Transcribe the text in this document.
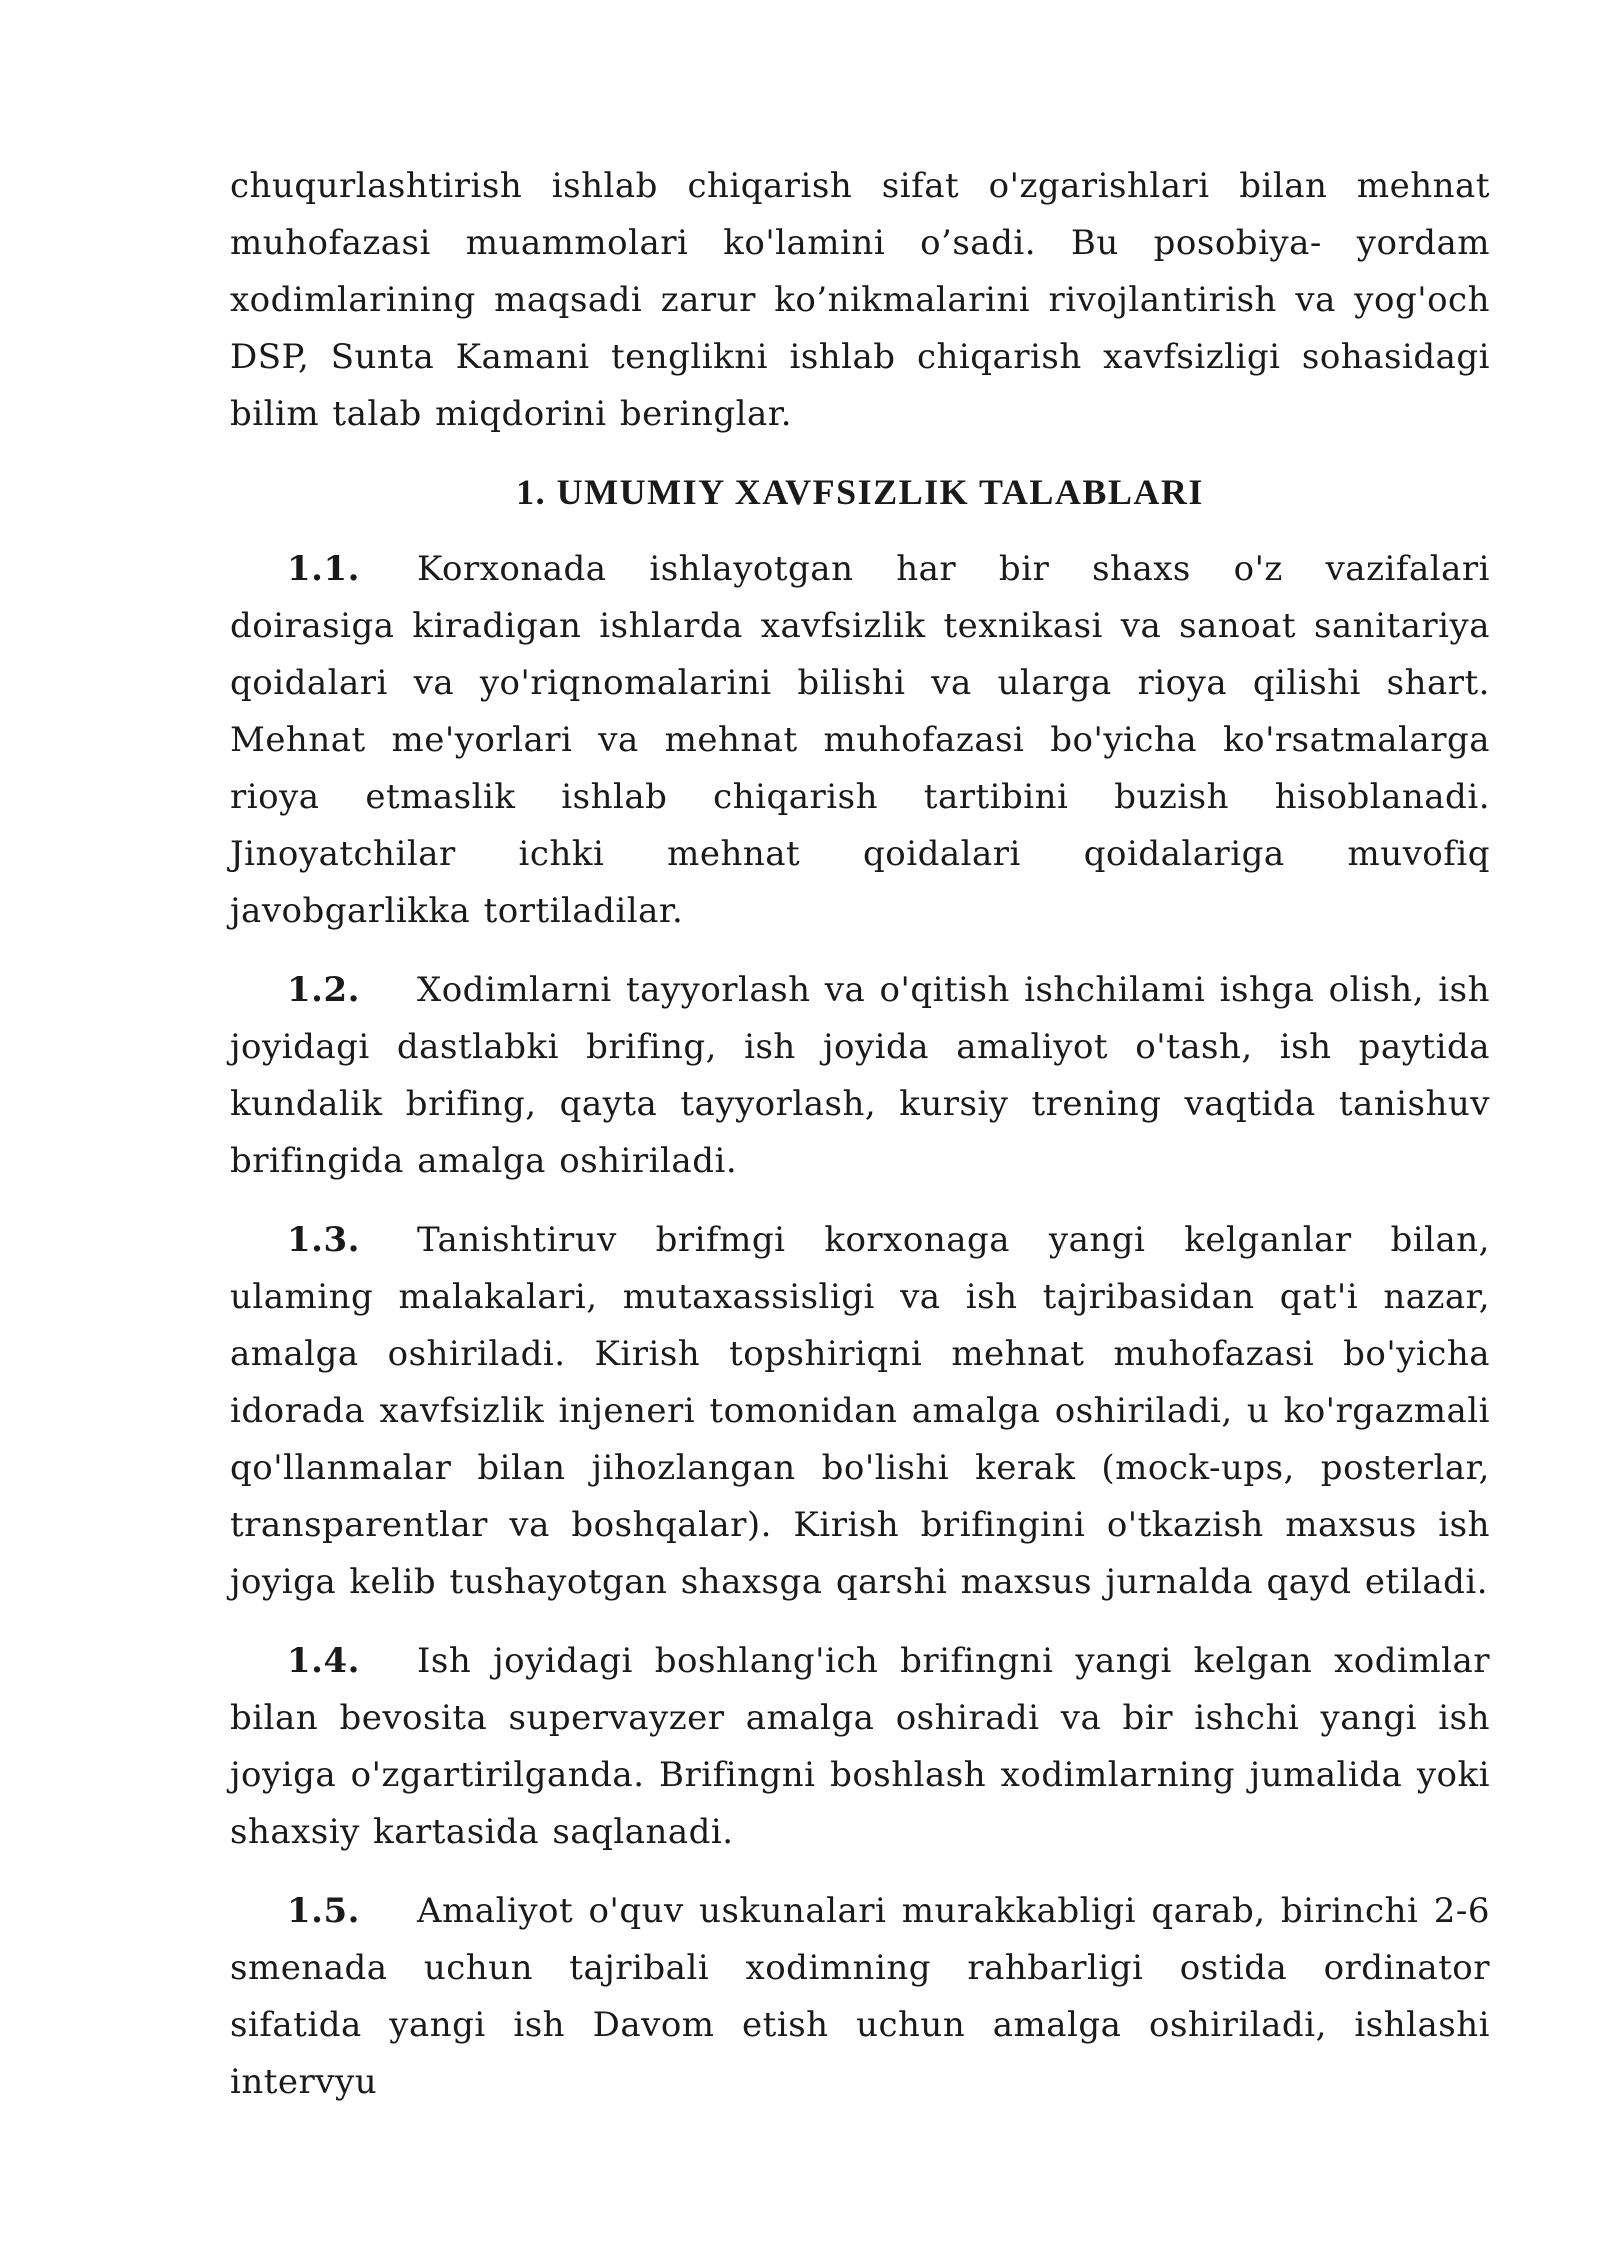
chuqurlashtirish ishlab chiqarish sifat o'zgarishlari bilan mehnat muhofazasi muammolari ko'lamini o’sadi. Bu posobiya- yordam xodimlarining maqsadi zarur ko’nikmalarini rivojlantirish va yog'och DSP, Sunta Kamani tenglikni ishlab chiqarish xavfsizligi sohasidagi bilim talab miqdorini beringlar.

1. UMUMIY XAVFSIZLIK TALABLARI

1.1. Korxonada ishlayotgan har bir shaxs o'z vazifalari doirasiga kiradigan ishlarda xavfsizlik texnikasi va sanoat sanitariya qoidalari va yo'riqnomalarini bilishi va ularga rioya qilishi shart. Mehnat me'yorlari va mehnat muhofazasi bo'yicha ko'rsatmalarga rioya etmaslik ishlab chiqarish tartibini buzish hisoblanadi. Jinoyatchilar ichki mehnat qoidalari qoidalariga muvofiq javobgarlikka tortiladilar.

1.2. Xodimlarni tayyorlash va o'qitish ishchilami ishga olish, ish joyidagi dastlabki brifing, ish joyida amaliyot o'tash, ish paytida kundalik brifing, qayta tayyorlash, kursiy trening vaqtida tanishuv brifingida amalga oshiriladi.

1.3. Tanishtiruv brifmgi korxonaga yangi kelganlar bilan, ulaming malakalari, mutaxassisligi va ish tajribasidan qat'i nazar, amalga oshiriladi. Kirish topshiriqni mehnat muhofazasi bo'yicha idorada xavfsizlik injeneri tomonidan amalga oshiriladi, u ko'rgazmali qo'llanmalar bilan jihozlangan bo'lishi kerak (mock-ups, posterlar, transparentlar va boshqalar). Kirish brifingini o'tkazish maxsus ish joyiga kelib tushayotgan shaxsga qarshi maxsus jurnalda qayd etiladi.

1.4. Ish joyidagi boshlang'ich brifingni yangi kelgan xodimlar bilan bevosita supervayzer amalga oshiradi va bir ishchi yangi ish joyiga o'zgartirilganda. Brifingni boshlash xodimlarning jumalida yoki shaxsiy kartasida saqlanadi.

1.5. Amaliyot o'quv uskunalari murakkabligi qarab, birinchi 2-6 smenada uchun tajribali xodimning rahbarligi ostida ordinator sifatida yangi ish Davom etish uchun amalga oshiriladi, ishlashi intervyu
